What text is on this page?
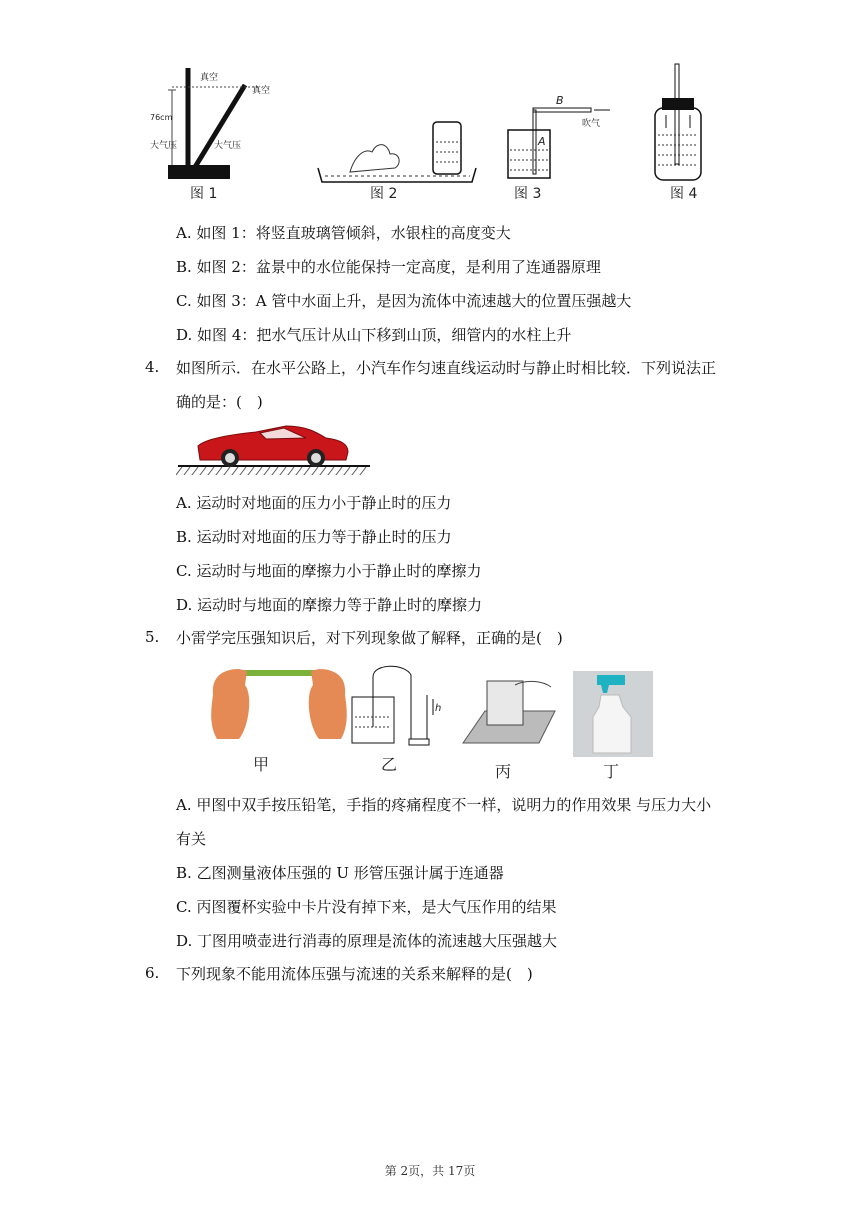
真空
真空
76cm
大气压	大气压
图 1	图 2
B
A
吹气
图 3	图 4
A. 如图 1：将竖直玻璃管倾斜，水银柱的高度变大
B. 如图 2：盆景中的水位能保持一定高度，是利用了连通器原理
C. 如图 3：A 管中水面上升，是因为流体中流速越大的位置压强越大
D. 如图 4：把水气压计从山下移到山顶，细管内的水柱上升
4. 如图所示．在水平公路上，小汽车作匀速直线运动时与静止时相比较．下列说法正
确的是：(　)
A. 运动时对地面的压力小于静止时的压力
B. 运动时对地面的压力等于静止时的压力
C. 运动时与地面的摩擦力小于静止时的摩擦力
D. 运动时与地面的摩擦力等于静止时的摩擦力
5. 小雷学完压强知识后，对下列现象做了解释，正确的是(　)
甲
h
乙	丙	丁
A. 甲图中双手按压铅笔，手指的疼痛程度不一样，说明力的作用效果 与压力大小
有关
B. 乙图测量液体压强的 U 形管压强计属于连通器
C. 丙图覆杯实验中卡片没有掉下来，是大气压作用的结果
D. 丁图用喷壶进行消毒的原理是流体的流速越大压强越大
6. 下列现象不能用流体压强与流速的关系来解释的是(　)
第 2页，共 17页
